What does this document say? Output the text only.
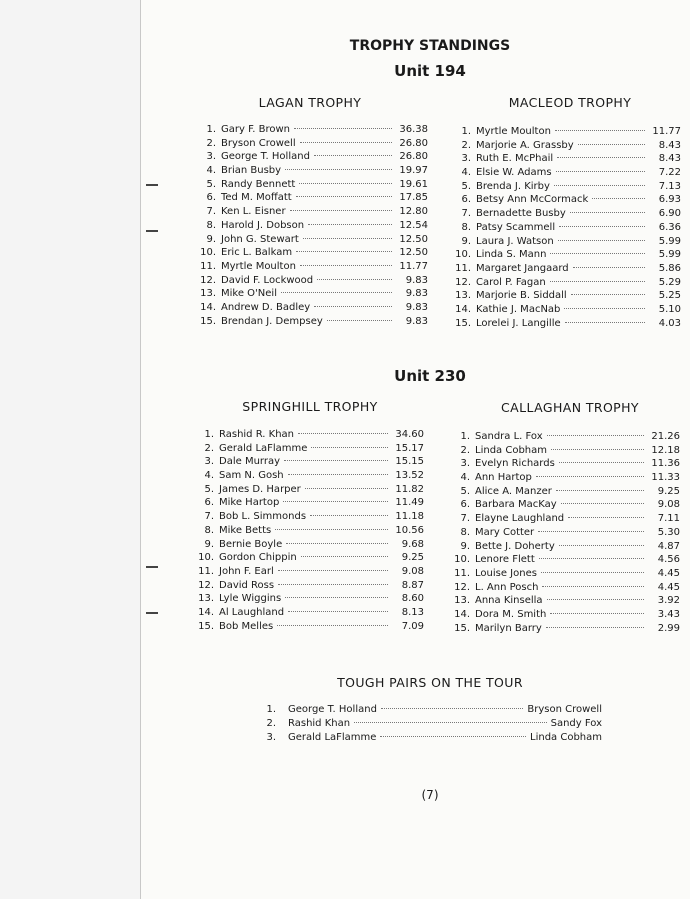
TROPHY STANDINGS
Unit 194
LAGAN TROPHY	MACLEOD TROPHY
1. Gary F. Brown	36.38
2. Bryson Crowell	26.80
3. George T. Holland	26.80
4. Brian Busby	19.97
5. Randy Bennett	19.61
6. Ted M. Moffatt	17.85
7. Ken L. Eisner	12.80
8. Harold J. Dobson	12.54
9. John G. Stewart	12.50
10. Eric L. Balkam	12.50
11. Myrtle Moulton	11.77
12. David F. Lockwood	9.83
13. Mike O'Neil	9.83
14. Andrew D. Badley	9.83
15. Brendan J. Dempsey	9.83
1. Myrtle Moulton	11.77
2. Marjorie A. Grassby	8.43
3. Ruth E. McPhail	8.43
4. Elsie W. Adams	7.22
5. Brenda J. Kirby	7.13
6. Betsy Ann McCormack	6.93
7. Bernadette Busby	6.90
8. Patsy Scammell	6.36
9. Laura J. Watson	5.99
10. Linda S. Mann	5.99
11. Margaret Jangaard	5.86
12. Carol P. Fagan	5.29
13. Marjorie B. Siddall	5.25
14. Kathie J. MacNab	5.10
15. Lorelei J. Langille	4.03
Unit 230
SPRINGHILL TROPHY	CALLAGHAN TROPHY
1. Rashid R. Khan	34.60
2. Gerald LaFlamme	15.17
3. Dale Murray	15.15
4. Sam N. Gosh	13.52
5. James D. Harper	11.82
6. Mike Hartop	11.49
7. Bob L. Simmonds	11.18
8. Mike Betts	10.56
9. Bernie Boyle	9.68
10. Gordon Chippin	9.25
11. John F. Earl	9.08
12. David Ross	8.87
13. Lyle Wiggins	8.60
14. Al Laughland	8.13
15. Bob Melles	7.09
1. Sandra L. Fox	21.26
2. Linda Cobham	12.18
3. Evelyn Richards	11.36
4. Ann Hartop	11.33
5. Alice A. Manzer	9.25
6. Barbara MacKay	9.08
7. Elayne Laughland	7.11
8. Mary Cotter	5.30
9. Bette J. Doherty	4.87
10. Lenore Flett	4.56
11. Louise Jones	4.45
12. L. Ann Posch	4.45
13. Anna Kinsella	3.92
14. Dora M. Smith	3.43
15. Marilyn Barry	2.99
TOUGH PAIRS ON THE TOUR
1. George T. Holland	Bryson Crowell
2. Rashid Khan	Sandy Fox
3. Gerald LaFlamme	Linda Cobham
(7)
